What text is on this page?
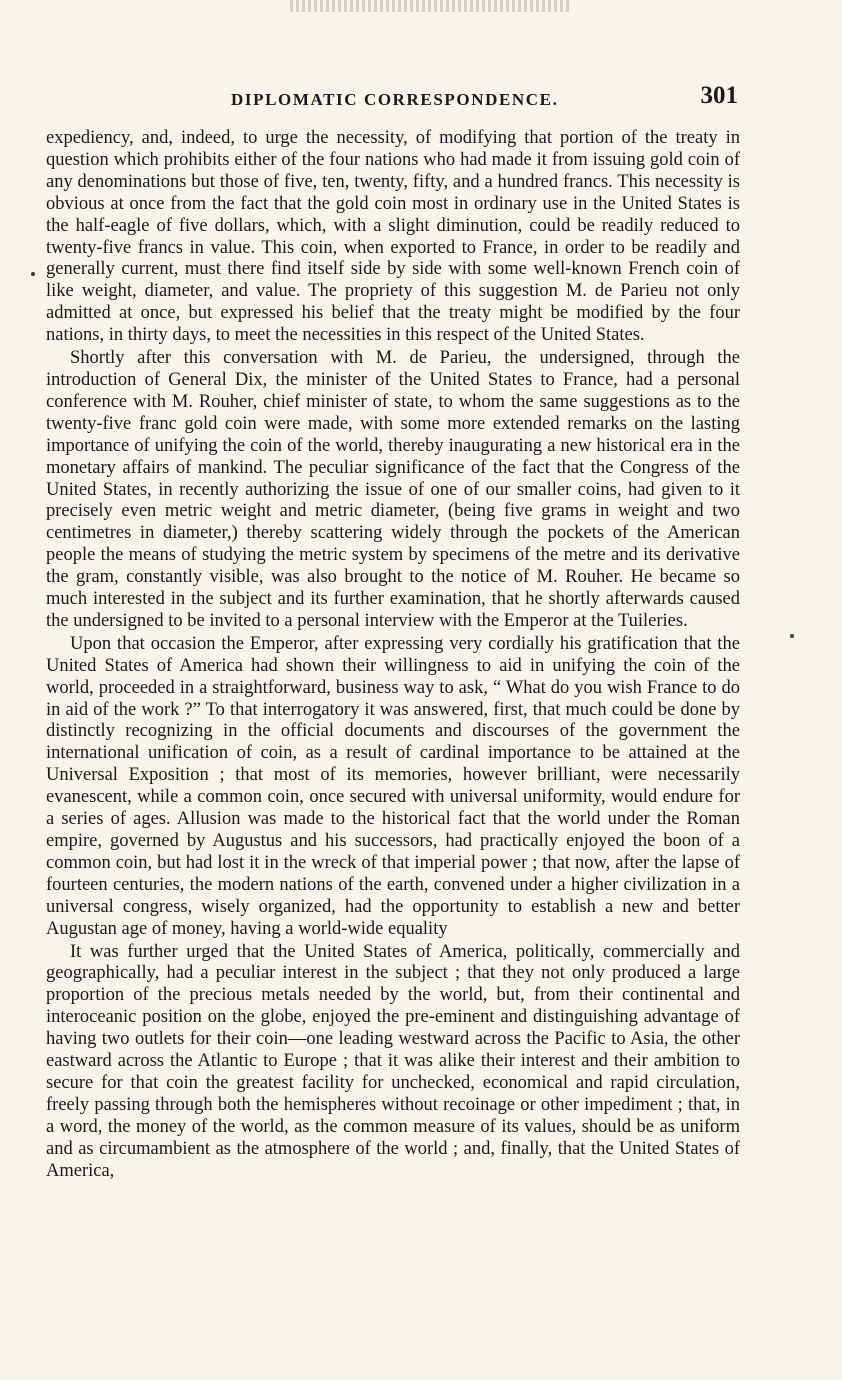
DIPLOMATIC CORRESPONDENCE.	301

expediency, and, indeed, to urge the necessity, of modifying that portion of the treaty in question which prohibits either of the four nations who had made it from issuing gold coin of any denominations but those of five, ten, twenty, fifty, and a hundred francs. This necessity is obvious at once from the fact that the gold coin most in ordinary use in the United States is the half-eagle of five dollars, which, with a slight diminution, could be readily reduced to twenty-five francs in value. This coin, when exported to France, in order to be readily and generally current, must there find itself side by side with some well-known French coin of like weight, diameter, and value. The propriety of this suggestion M. de Parieu not only admitted at once, but expressed his belief that the treaty might be modified by the four nations, in thirty days, to meet the necessities in this respect of the United States.

Shortly after this conversation with M. de Parieu, the undersigned, through the introduction of General Dix, the minister of the United States to France, had a personal conference with M. Rouher, chief minister of state, to whom the same suggestions as to the twenty-five franc gold coin were made, with some more extended remarks on the lasting importance of unifying the coin of the world, thereby inaugurating a new historical era in the monetary affairs of mankind. The peculiar significance of the fact that the Congress of the United States, in recently authorizing the issue of one of our smaller coins, had given to it precisely even metric weight and metric diameter, (being five grams in weight and two centimetres in diameter,) thereby scattering widely through the pockets of the American people the means of studying the metric system by specimens of the metre and its derivative the gram, constantly visible, was also brought to the notice of M. Rouher. He became so much interested in the subject and its further examination, that he shortly afterwards caused the undersigned to be invited to a personal interview with the Emperor at the Tuileries.

Upon that occasion the Emperor, after expressing very cordially his gratification that the United States of America had shown their willingness to aid in unifying the coin of the world, proceeded in a straightforward, business way to ask, “ What do you wish France to do in aid of the work ?” To that interrogatory it was answered, first, that much could be done by distinctly recognizing in the official documents and discourses of the government the international unification of coin, as a result of cardinal importance to be attained at the Universal Exposition ; that most of its memories, however brilliant, were necessarily evanescent, while a common coin, once secured with universal uniformity, would endure for a series of ages. Allusion was made to the historical fact that the world under the Roman empire, governed by Augustus and his successors, had practically enjoyed the boon of a common coin, but had lost it in the wreck of that imperial power ; that now, after the lapse of fourteen centuries, the modern nations of the earth, convened under a higher civilization in a universal congress, wisely organized, had the opportunity to establish a new and better Augustan age of money, having a world-wide equality

It was further urged that the United States of America, politically, commercially and geographically, had a peculiar interest in the subject ; that they not only produced a large proportion of the precious metals needed by the world, but, from their continental and interoceanic position on the globe, enjoyed the pre-eminent and distinguishing advantage of having two outlets for their coin—one leading westward across the Pacific to Asia, the other eastward across the Atlantic to Europe ; that it was alike their interest and their ambition to secure for that coin the greatest facility for unchecked, economical and rapid circulation, freely passing through both the hemispheres without recoinage or other impediment ; that, in a word, the money of the world, as the common measure of its values, should be as uniform and as circumambient as the atmosphere of the world ; and, finally, that the United States of America,
